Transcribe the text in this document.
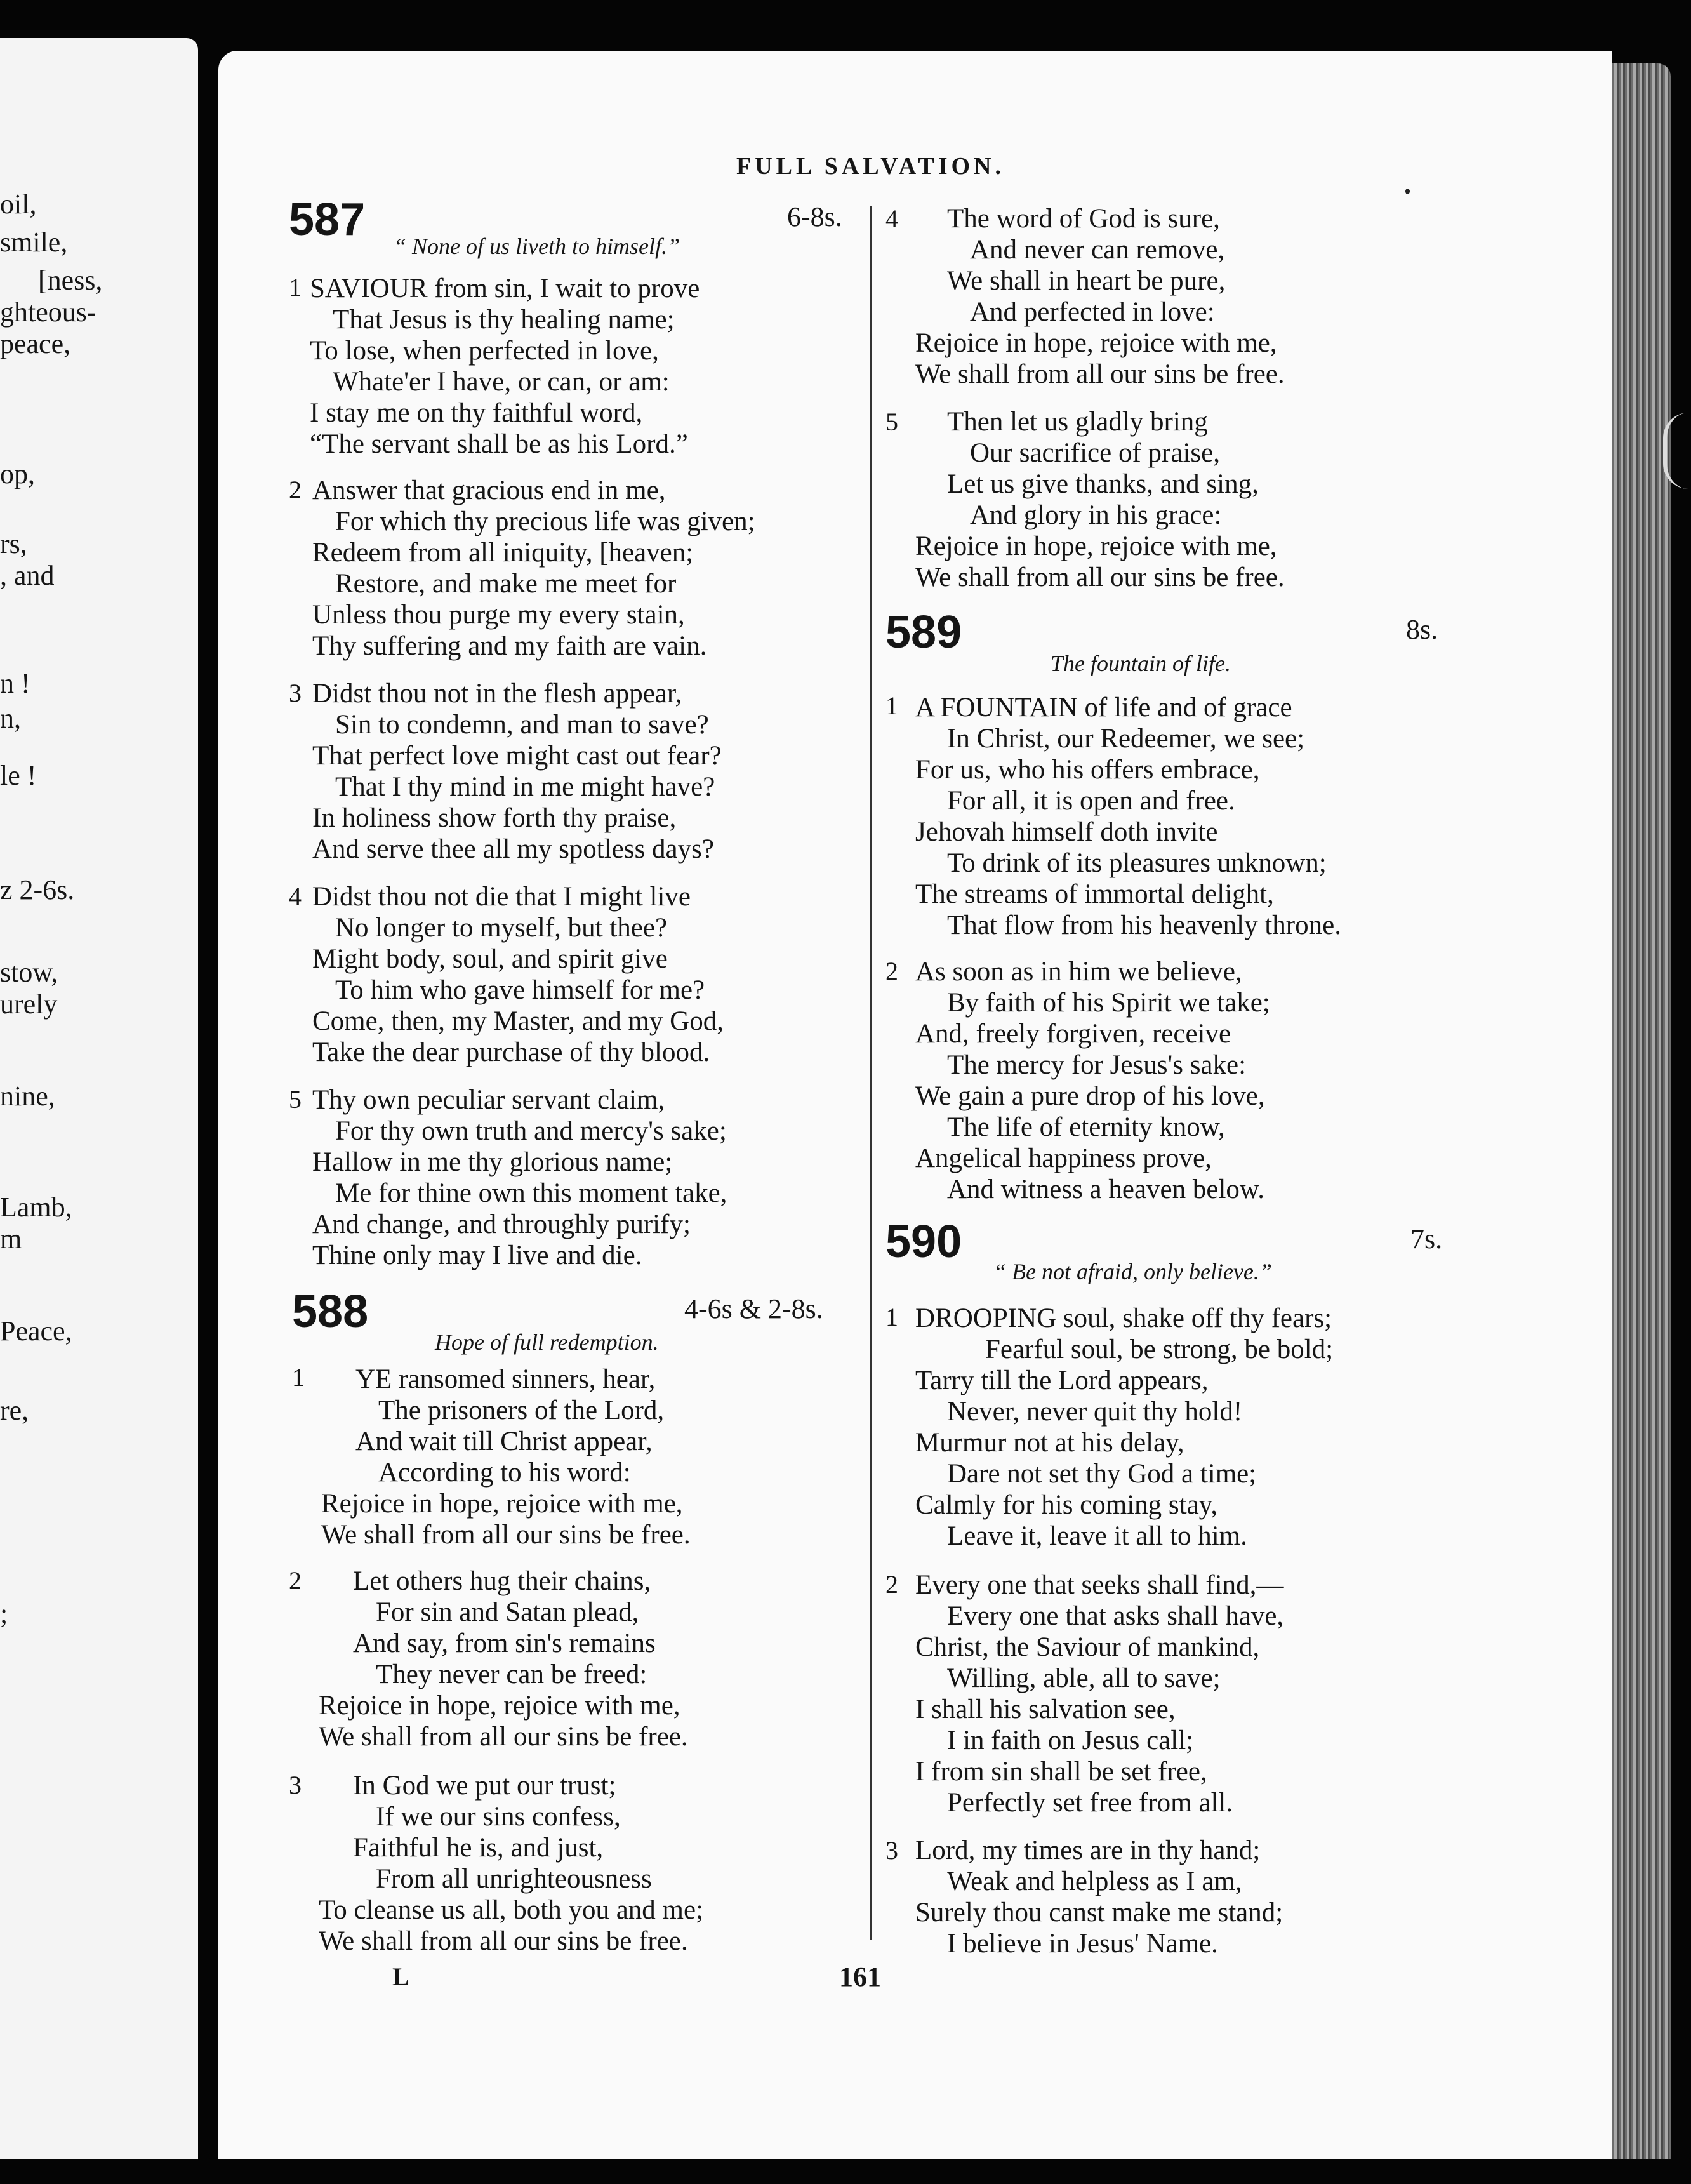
oil,
smile,
[ness,
ghteous-
peace,
op,
rs,
, and
n !
n,
le !
z 2-6s.
stow,
urely
nine,
Lamb,
m
Peace,
re,
;
FULL SALVATION.
587	6-8s.
“ None of us liveth to himself.”
1 SAVIOUR from sin, I wait to prove
That Jesus is thy healing name;
To lose, when perfected in love,
Whate'er I have, or can, or am:
I stay me on thy faithful word,
“The servant shall be as his Lord.”
2 Answer that gracious end in me,
For which thy precious life was given;
Redeem from all iniquity, [heaven;
Restore, and make me meet for
Unless thou purge my every stain,
Thy suffering and my faith are vain.
3 Didst thou not in the flesh appear,
Sin to condemn, and man to save?
That perfect love might cast out fear?
That I thy mind in me might have?
In holiness show forth thy praise,
And serve thee all my spotless days?
4 Didst thou not die that I might live
No longer to myself, but thee?
Might body, soul, and spirit give
To him who gave himself for me?
Come, then, my Master, and my God,
Take the dear purchase of thy blood.
5 Thy own peculiar servant claim,
For thy own truth and mercy's sake;
Hallow in me thy glorious name;
Me for thine own this moment take,
And change, and throughly purify;
Thine only may I live and die.
588	4-6s & 2-8s.
Hope of full redemption.
1 YE ransomed sinners, hear,
The prisoners of the Lord,
And wait till Christ appear,
According to his word:
Rejoice in hope, rejoice with me,
We shall from all our sins be free.
2 Let others hug their chains,
For sin and Satan plead,
And say, from sin's remains
They never can be freed:
Rejoice in hope, rejoice with me,
We shall from all our sins be free.
3 In God we put our trust;
If we our sins confess,
Faithful he is, and just,
From all unrighteousness
To cleanse us all, both you and me;
We shall from all our sins be free.
4 The word of God is sure,
And never can remove,
We shall in heart be pure,
And perfected in love:
Rejoice in hope, rejoice with me,
We shall from all our sins be free.
5 Then let us gladly bring
Our sacrifice of praise,
Let us give thanks, and sing,
And glory in his grace:
Rejoice in hope, rejoice with me,
We shall from all our sins be free.
589	8s.
The fountain of life.
1 A FOUNTAIN of life and of grace
In Christ, our Redeemer, we see;
For us, who his offers embrace,
For all, it is open and free.
Jehovah himself doth invite
To drink of its pleasures unknown;
The streams of immortal delight,
That flow from his heavenly throne.
2 As soon as in him we believe,
By faith of his Spirit we take;
And, freely forgiven, receive
The mercy for Jesus's sake:
We gain a pure drop of his love,
The life of eternity know,
Angelical happiness prove,
And witness a heaven below.
590	7s.
“ Be not afraid, only believe.”
1 DROOPING soul, shake off thy fears;
Fearful soul, be strong, be bold;
Tarry till the Lord appears,
Never, never quit thy hold!
Murmur not at his delay,
Dare not set thy God a time;
Calmly for his coming stay,
Leave it, leave it all to him.
2 Every one that seeks shall find,—
Every one that asks shall have,
Christ, the Saviour of mankind,
Willing, able, all to save;
I shall his salvation see,
I in faith on Jesus call;
I from sin shall be set free,
Perfectly set free from all.
3 Lord, my times are in thy hand;
Weak and helpless as I am,
Surely thou canst make me stand;
I believe in Jesus' Name.
L	161
